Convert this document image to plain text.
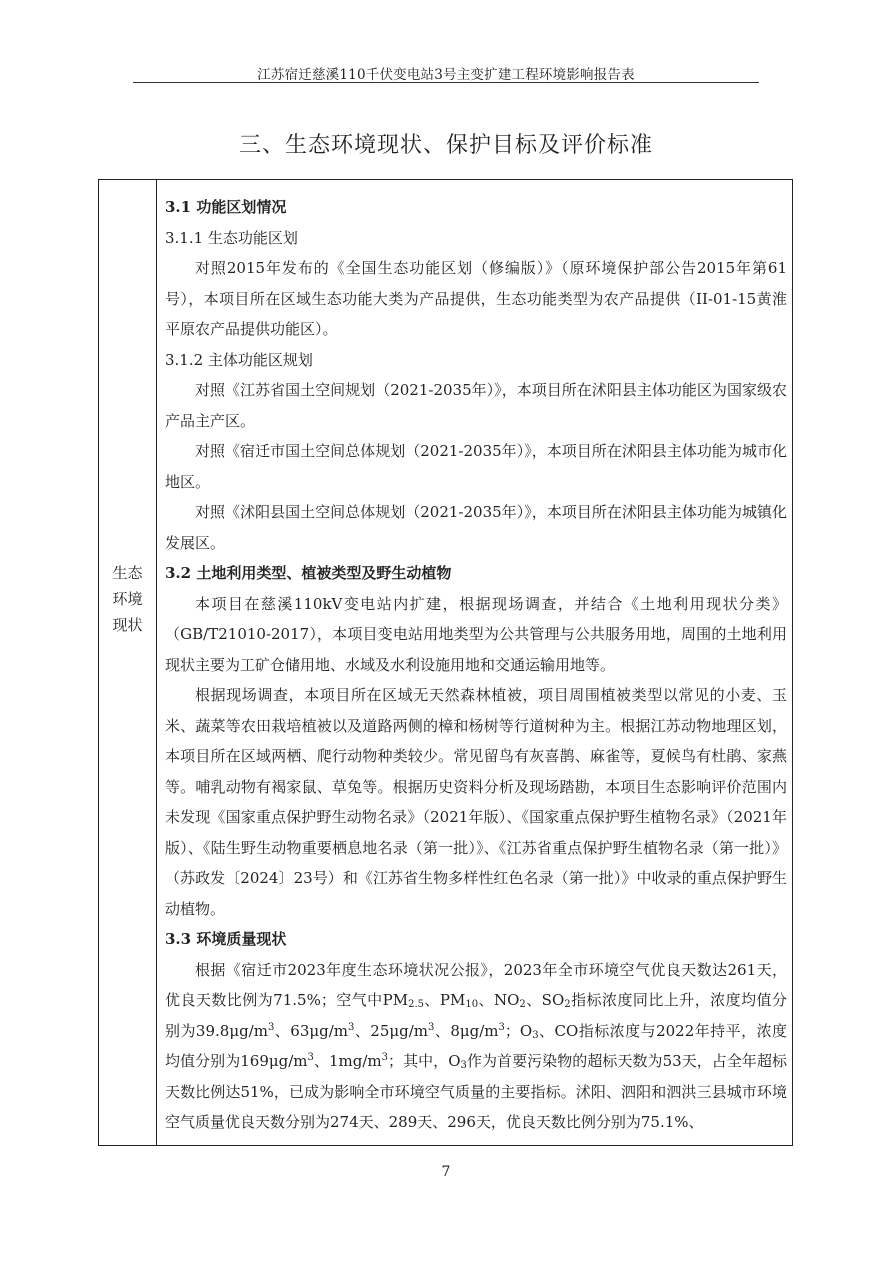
江苏宿迁慈溪110千伏变电站3号主变扩建工程环境影响报告表
三、生态环境现状、保护目标及评价标准
生态
环境
现状

3.1 功能区划情况

3.1.1 生态功能区划

对照2015年发布的《全国生态功能区划（修编版）》（原环境保护部公告2015年第61号），本项目所在区域生态功能大类为产品提供，生态功能类型为农产品提供（II-01-15黄淮平原农产品提供功能区）。

3.1.2 主体功能区规划

对照《江苏省国土空间规划（2021-2035年）》，本项目所在沭阳县主体功能区为国家级农产品主产区。

对照《宿迁市国土空间总体规划（2021-2035年）》，本项目所在沭阳县主体功能为城市化地区。

对照《沭阳县国土空间总体规划（2021-2035年）》，本项目所在沭阳县主体功能为城镇化发展区。

3.2 土地利用类型、植被类型及野生动植物

本项目在慈溪110kV变电站内扩建，根据现场调查，并结合《土地利用现状分类》（GB/T21010-2017），本项目变电站用地类型为公共管理与公共服务用地，周围的土地利用现状主要为工矿仓储用地、水域及水利设施用地和交通运输用地等。

根据现场调查，本项目所在区域无天然森林植被，项目周围植被类型以常见的小麦、玉米、蔬菜等农田栽培植被以及道路两侧的樟和杨树等行道树种为主。根据江苏动物地理区划，本项目所在区域两栖、爬行动物种类较少。常见留鸟有灰喜鹊、麻雀等，夏候鸟有杜鹃、家燕等。哺乳动物有褐家鼠、草兔等。根据历史资料分析及现场踏勘，本项目生态影响评价范围内未发现《国家重点保护野生动物名录》（2021年版）、《国家重点保护野生植物名录》（2021年版）、《陆生野生动物重要栖息地名录（第一批）》、《江苏省重点保护野生植物名录（第一批）》（苏政发〔2024〕23号）和《江苏省生物多样性红色名录（第一批）》中收录的重点保护野生动植物。

3.3 环境质量现状

根据《宿迁市2023年度生态环境状况公报》，2023年全市环境空气优良天数达261天，优良天数比例为71.5%；空气中$PM_{2.5}$、$PM_{10}$、$NO_2$、$SO_2$指标浓度同比上升，浓度均值分别为$39.8\mu g/m^3$、$63\mu g/m^3$、$25\mu g/m^3$、$8\mu g/m^3$；$O_3$、CO指标浓度与2022年持平，浓度均值分别为$169\mu g/m^3$、$1mg/m^3$；其中，$O_3$作为首要污染物的超标天数为53天，占全年超标天数比例达51%，已成为影响全市环境空气质量的主要指标。沭阳、泗阳和泗洪三县城市环境空气质量优良天数分别为274天、289天、296天，优良天数比例分别为75.1%、

7
